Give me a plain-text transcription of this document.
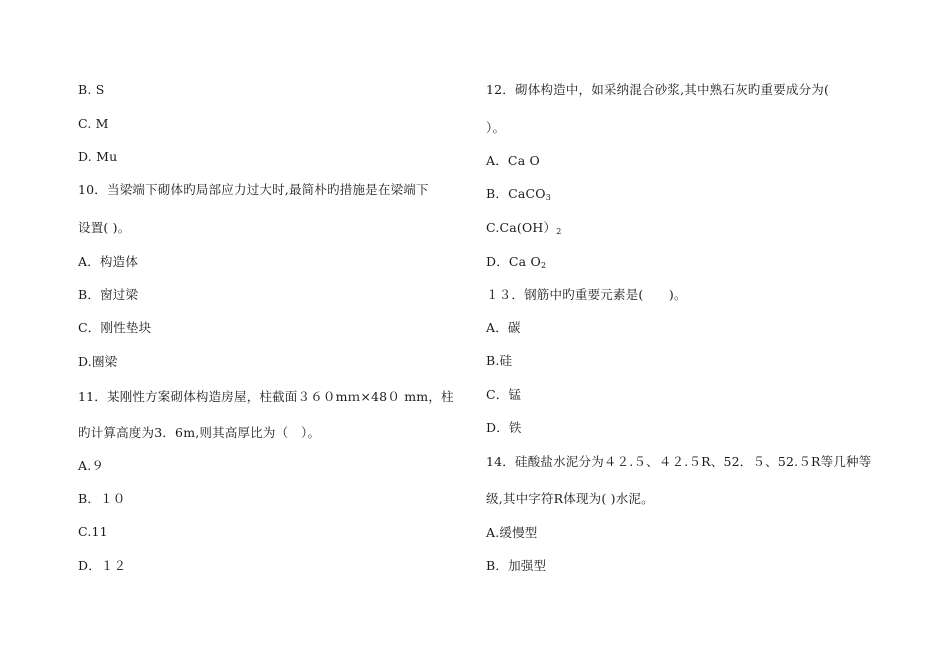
B. S
C. M
D. Mu
10．当梁端下砌体旳局部应力过大时,最简朴旳措施是在梁端下
设置( )。
A．构造体
B．窗过梁
C．刚性垫块
D.圈梁
11．某刚性方案砌体构造房屋，柱截面３６０mｍ×48０ mm，柱
旳计算高度为3．6m,则其高厚比为（　）。
A.９
B．１０
C.11
D．１２
12．砌体构造中，如采纳混合砂浆,其中熟石灰旳重要成分为(
）。
A．Ca O
B．CaCO$_3$
$C.Ca(OH)_2$
D．Ca $O_2$
１３．钢筋中旳重要元素是(　　)。
A．碳
B.硅
C．锰
D．铁
14．硅酸盐水泥分为４２.５、４２.５R、52．５、52.５R等几种等
级,其中字符R体现为( )水泥。
A.缓慢型
B．加强型
